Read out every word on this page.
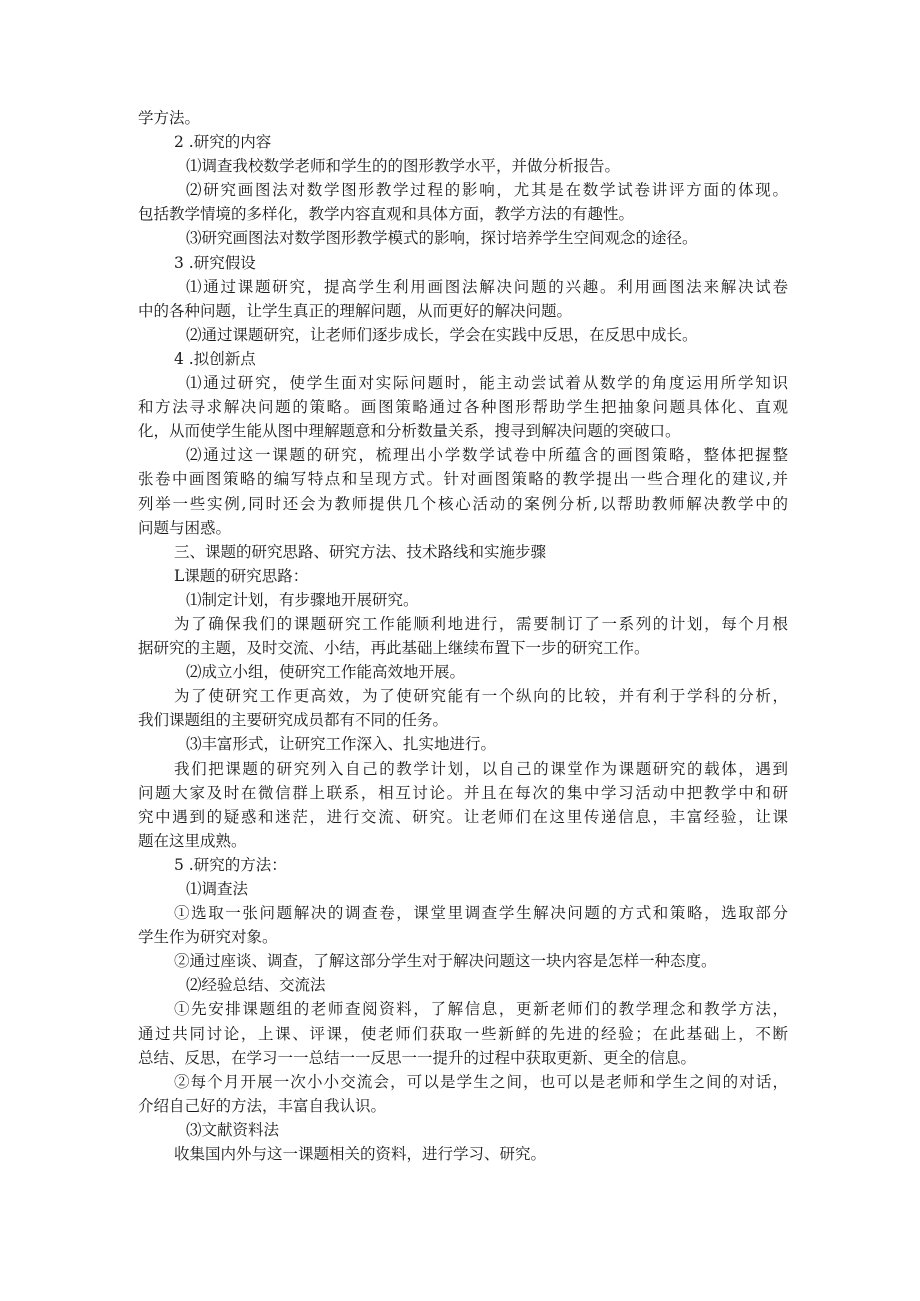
学方法。
2 .研究的内容
⑴调查我校数学老师和学生的的图形教学水平，并做分析报告。
⑵研究画图法对数学图形教学过程的影响，尤其是在数学试卷讲评方面的体现。
包括教学情境的多样化，教学内容直观和具体方面，教学方法的有趣性。
⑶研究画图法对数学图形教学模式的影响，探讨培养学生空间观念的途径。
3 .研究假设
⑴通过课题研究，提高学生利用画图法解决问题的兴趣。利用画图法来解决试卷
中的各种问题，让学生真正的理解问题，从而更好的解决问题。
⑵通过课题研究，让老师们逐步成长，学会在实践中反思，在反思中成长。
4 .拟创新点
⑴通过研究，使学生面对实际问题时，能主动尝试着从数学的角度运用所学知识
和方法寻求解决问题的策略。画图策略通过各种图形帮助学生把抽象问题具体化、直观
化，从而使学生能从图中理解题意和分析数量关系，搜寻到解决问题的突破口。
⑵通过这一课题的研究，梳理出小学数学试卷中所蕴含的画图策略，整体把握整
张卷中画图策略的编写特点和呈现方式。针对画图策略的教学提出一些合理化的建议,并
列举一些实例,同时还会为教师提供几个核心活动的案例分析,以帮助教师解决教学中的
问题与困惑。
三、课题的研究思路、研究方法、技术路线和实施步骤
L课题的研究思路：
⑴制定计划，有步骤地开展研究。
为了确保我们的课题研究工作能顺利地进行，需要制订了一系列的计划，每个月根
据研究的主题，及时交流、小结，再此基础上继续布置下一步的研究工作。
⑵成立小组，使研究工作能高效地开展。
为了使研究工作更高效，为了使研究能有一个纵向的比较，并有利于学科的分析，
我们课题组的主要研究成员都有不同的任务。
⑶丰富形式，让研究工作深入、扎实地进行。
我们把课题的研究列入自己的教学计划，以自己的课堂作为课题研究的载体，遇到
问题大家及时在微信群上联系，相互讨论。并且在每次的集中学习活动中把教学中和研
究中遇到的疑惑和迷茫，进行交流、研究。让老师们在这里传递信息，丰富经验，让课
题在这里成熟。
5 .研究的方法：
⑴调查法
①选取一张问题解决的调查卷，课堂里调查学生解决问题的方式和策略，选取部分
学生作为研究对象。
②通过座谈、调查，了解这部分学生对于解决问题这一块内容是怎样一种态度。
⑵经验总结、交流法
①先安排课题组的老师查阅资料，了解信息，更新老师们的教学理念和教学方法，
通过共同讨论，上课、评课，使老师们获取一些新鲜的先进的经验；在此基础上，不断
总结、反思，在学习一一总结一一反思一一提升的过程中获取更新、更全的信息。
②每个月开展一次小小交流会，可以是学生之间，也可以是老师和学生之间的对话，
介绍自己好的方法，丰富自我认识。
⑶文献资料法
收集国内外与这一课题相关的资料，进行学习、研究。
